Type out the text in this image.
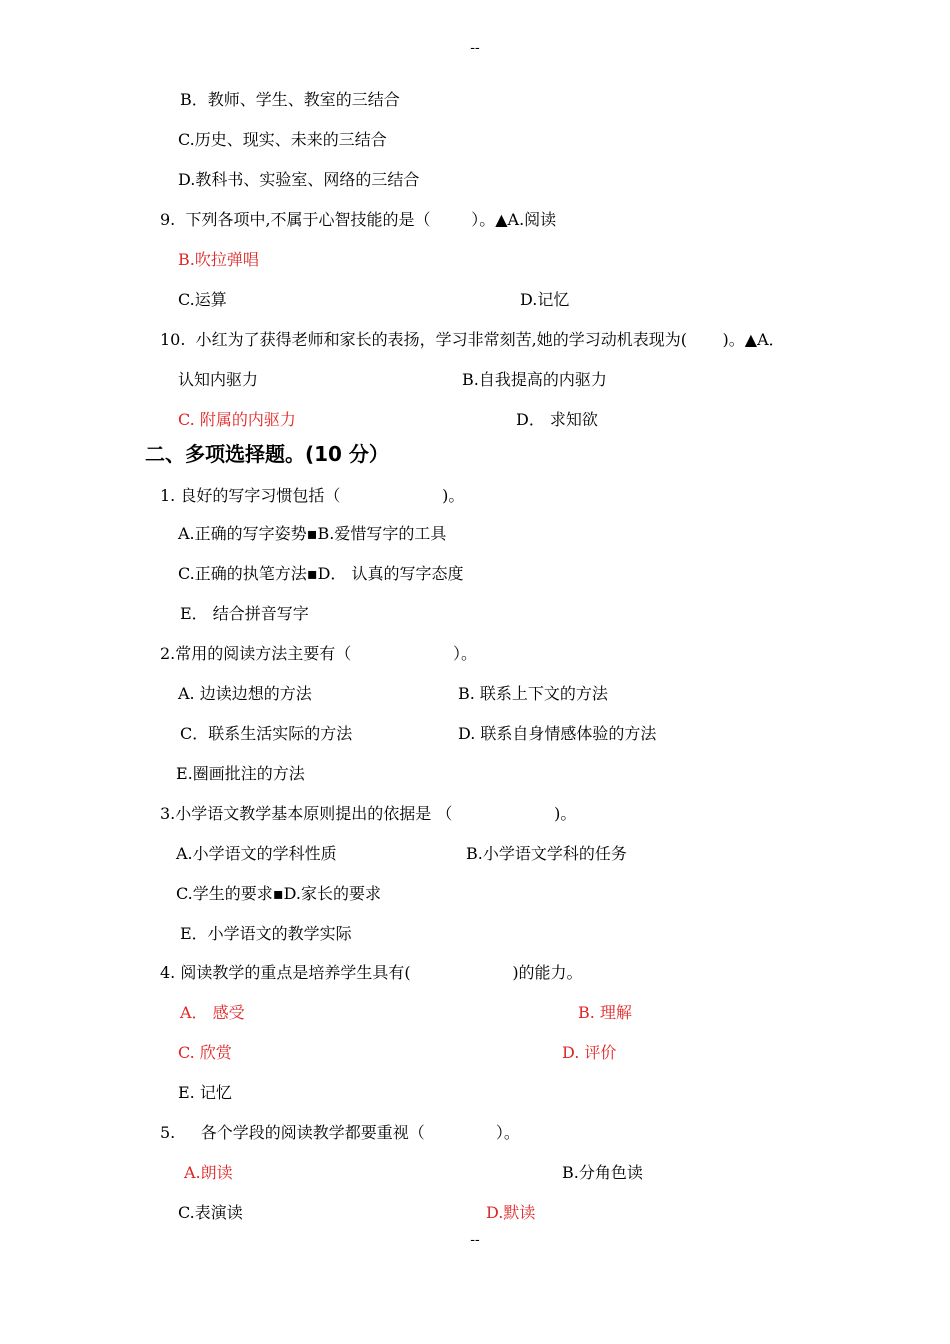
--
B．教师、学生、教室的三结合
C.历史、现实、未来的三结合
D.教科书、实验室、网络的三结合
9.  下列各项中,不属于心智技能的是（        ）。▲A.阅读
B.吹拉弹唱
C.运算	D.记忆
10.  小红为了获得老师和家长的表扬，学习非常刻苦,她的学习动机表现为(       )。▲A．
认知内驱力	B.自我提高的内驱力
C. 附属的内驱力	D． 求知欲
二、多项选择题。(10 分）
1. 良好的写字习惯包括（                    )。
A.正确的写字姿势▪B.爱惜写字的工具
C.正确的执笔方法▪D． 认真的写字态度
E． 结合拼音写字
2.常用的阅读方法主要有（                    ）。
A. 边读边想的方法	B. 联系上下文的方法
C．联系生活实际的方法	D. 联系自身情感体验的方法
E.圈画批注的方法
3.小学语文教学基本原则提出的依据是 （                    )。
A.小学语文的学科性质	B.小学语文学科的任务
C.学生的要求▪D.家长的要求
E．小学语文的教学实际
4. 阅读教学的重点是培养学生具有(                    )的能力。
A． 感受	B. 理解
C. 欣赏	D. 评价
E. 记忆
5.     各个学段的阅读教学都要重视（              ）。
A.朗读	B.分角色读
C.表演读	D.默读
--
